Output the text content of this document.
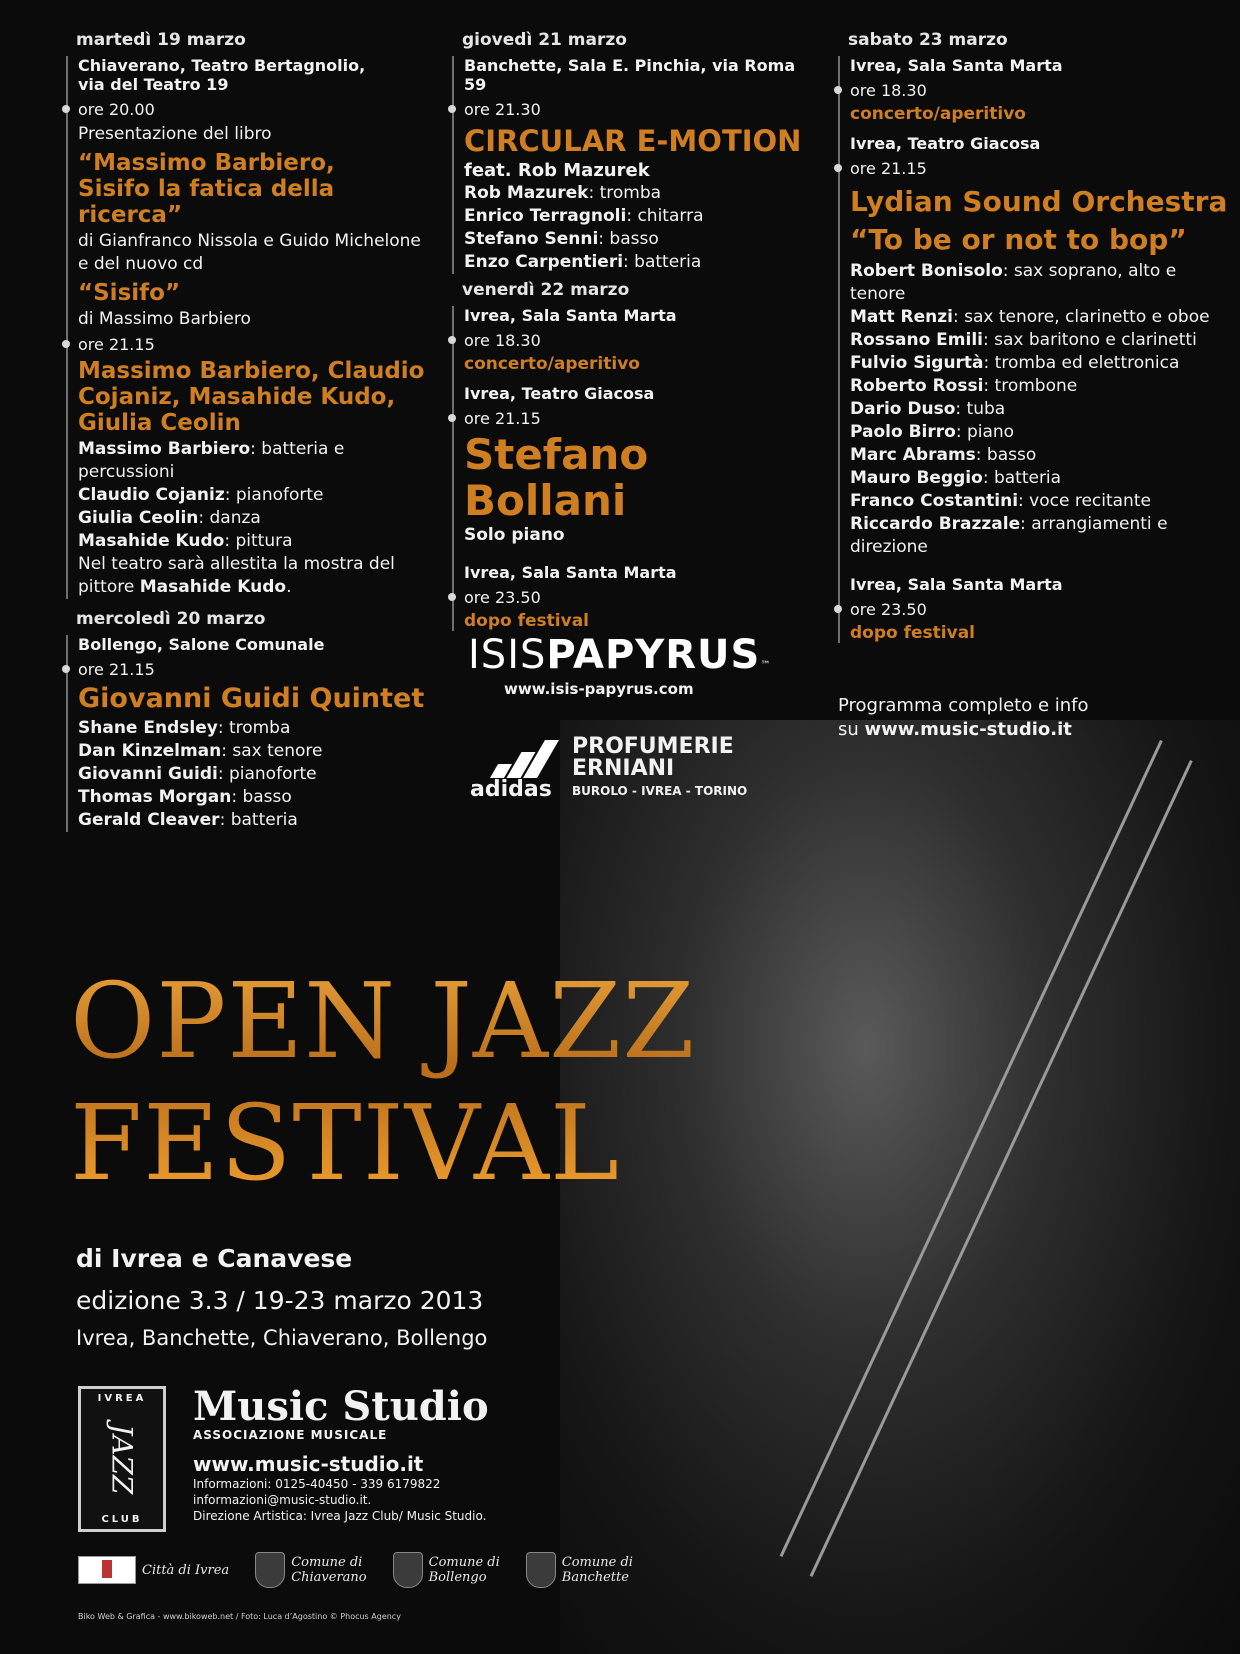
martedì 19 marzo
Chiaverano, Teatro Bertagnolio,
via del Teatro 19
ore 20.00
Presentazione del libro
“Massimo Barbiero,
Sisifo la fatica della ricerca”
di Gianfranco Nissola e Guido Michelone
e del nuovo cd
“Sisifo”
di Massimo Barbiero
ore 21.15
Massimo Barbiero, Claudio
Cojaniz, Masahide Kudo,
Giulia Ceolin
Massimo Barbiero: batteria e percussioni
Claudio Cojaniz: pianoforte
Giulia Ceolin: danza
Masahide Kudo: pittura
Nel teatro sarà allestita la mostra del
pittore Masahide Kudo.
mercoledì 20 marzo
Bollengo, Salone Comunale
ore 21.15
Giovanni Guidi Quintet
Shane Endsley: tromba
Dan Kinzelman: sax tenore
Giovanni Guidi: pianoforte
Thomas Morgan: basso
Gerald Cleaver: batteria
giovedì 21 marzo
Banchette, Sala E. Pinchia, via Roma 59
ore 21.30
CIRCULAR E-MOTION
feat. Rob Mazurek
Rob Mazurek: tromba
Enrico Terragnoli: chitarra
Stefano Senni: basso
Enzo Carpentieri: batteria
venerdì 22 marzo
Ivrea, Sala Santa Marta
ore 18.30
concerto/aperitivo
Ivrea, Teatro Giacosa
ore 21.15
Stefano Bollani
Solo piano
Ivrea, Sala Santa Marta
ore 23.50
dopo festival
sabato 23 marzo
Ivrea, Sala Santa Marta
ore 18.30
concerto/aperitivo
Ivrea, Teatro Giacosa
ore 21.15
Lydian Sound Orchestra
“To be or not to bop”
Robert Bonisolo: sax soprano, alto e
tenore
Matt Renzi: sax tenore, clarinetto e oboe
Rossano Emili: sax baritono e clarinetti
Fulvio Sigurtà: tromba ed elettronica
Roberto Rossi: trombone
Dario Duso: tuba
Paolo Birro: piano
Marc Abrams: basso
Mauro Beggio: batteria
Franco Costantini: voce recitante
Riccardo Brazzale: arrangiamenti e
direzione
Ivrea, Sala Santa Marta
ore 23.50
dopo festival
Programma completo e info
su www.music-studio.it
ISISPAPYRUS™
www.isis-papyrus.com
adidas
PROFUMERIE
ERNIANI
BUROLO - IVREA - TORINO
OPEN JAZZ
FESTIVAL
di Ivrea e Canavese
edizione 3.3 / 19-23 marzo 2013
Ivrea, Banchette, Chiaverano, Bollengo
IVREA
JAZZ
CLUB
Music Studio
ASSOCIAZIONE MUSICALE
www.music-studio.it
Informazioni: 0125-40450 - 339 6179822
informazioni@music-studio.it.
Direzione Artistica: Ivrea Jazz Club/ Music Studio.
Città di Ivrea	Comune di
Chiaverano
Comune di
Bollengo
Comune di
Banchette
Biko Web & Grafica - www.bikoweb.net / Foto: Luca d’Agostino © Phocus Agency
